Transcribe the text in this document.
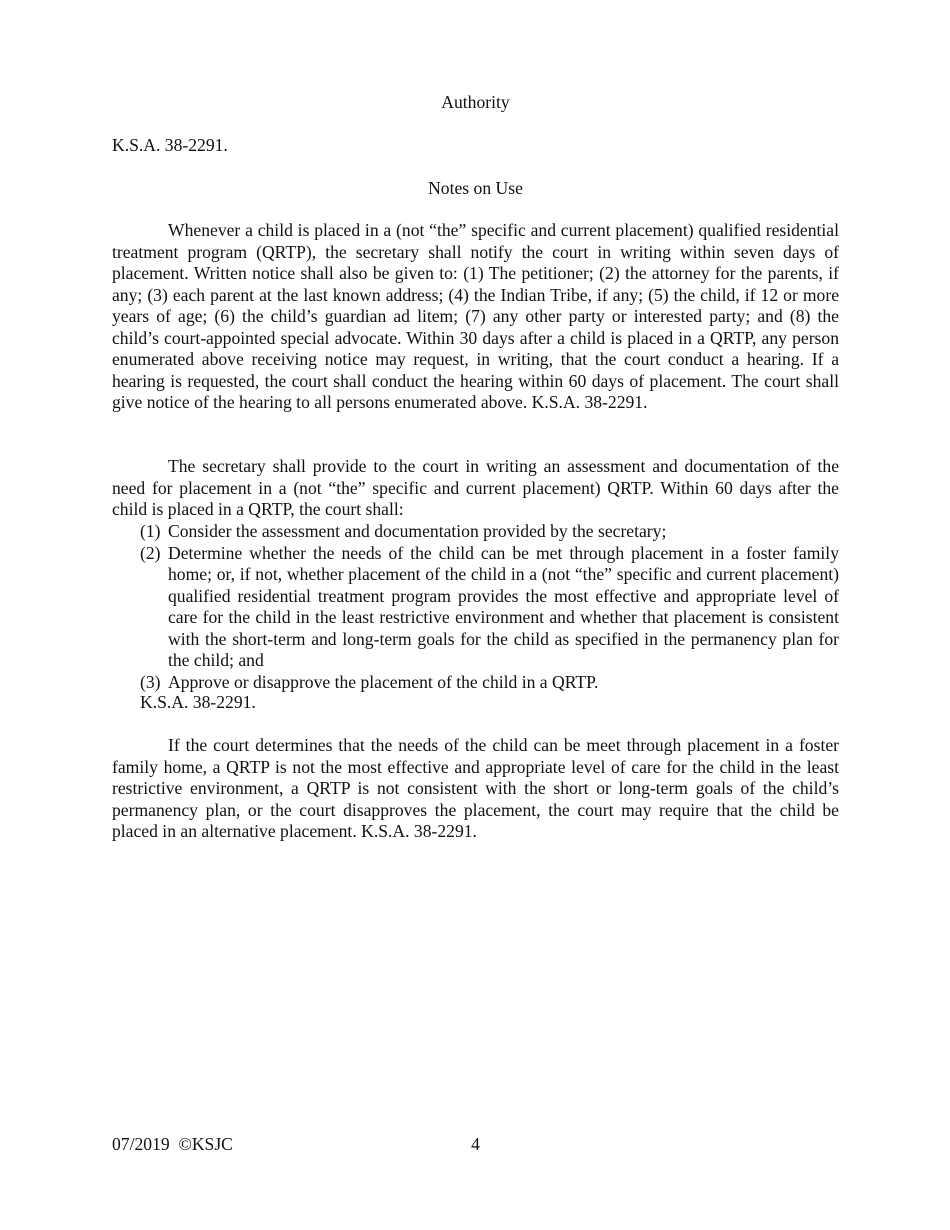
Authority

K.S.A. 38-2291.

Notes on Use

Whenever a child is placed in a (not “the” specific and current placement) qualified residential treatment program (QRTP), the secretary shall notify the court in writing within seven days of placement. Written notice shall also be given to: (1) The petitioner; (2) the attorney for the parents, if any; (3) each parent at the last known address; (4) the Indian Tribe, if any; (5) the child, if 12 or more years of age; (6) the child’s guardian ad litem; (7) any other party or interested party; and (8) the child’s court-appointed special advocate. Within 30 days after a child is placed in a QRTP, any person enumerated above receiving notice may request, in writing, that the court conduct a hearing. If a hearing is requested, the court shall conduct the hearing within 60 days of placement. The court shall give notice of the hearing to all persons enumerated above. K.S.A. 38-2291.

The secretary shall provide to the court in writing an assessment and documentation of the need for placement in a (not “the” specific and current placement) QRTP. Within 60 days after the child is placed in a QRTP, the court shall:

(1) Consider the assessment and documentation provided by the secretary;
(2) Determine whether the needs of the child can be met through placement in a foster family home; or, if not, whether placement of the child in a (not “the” specific and current placement) qualified residential treatment program provides the most effective and appropriate level of care for the child in the least restrictive environment and whether that placement is consistent with the short-term and long-term goals for the child as specified in the permanency plan for the child; and
(3) Approve or disapprove the placement of the child in a QRTP.

K.S.A. 38-2291.

If the court determines that the needs of the child can be meet through placement in a foster family home, a QRTP is not the most effective and appropriate level of care for the child in the least restrictive environment, a QRTP is not consistent with the short or long-term goals of the child’s permanency plan, or the court disapproves the placement, the court may require that the child be placed in an alternative placement. K.S.A. 38-2291.

07/2019  ©KSJC	4
